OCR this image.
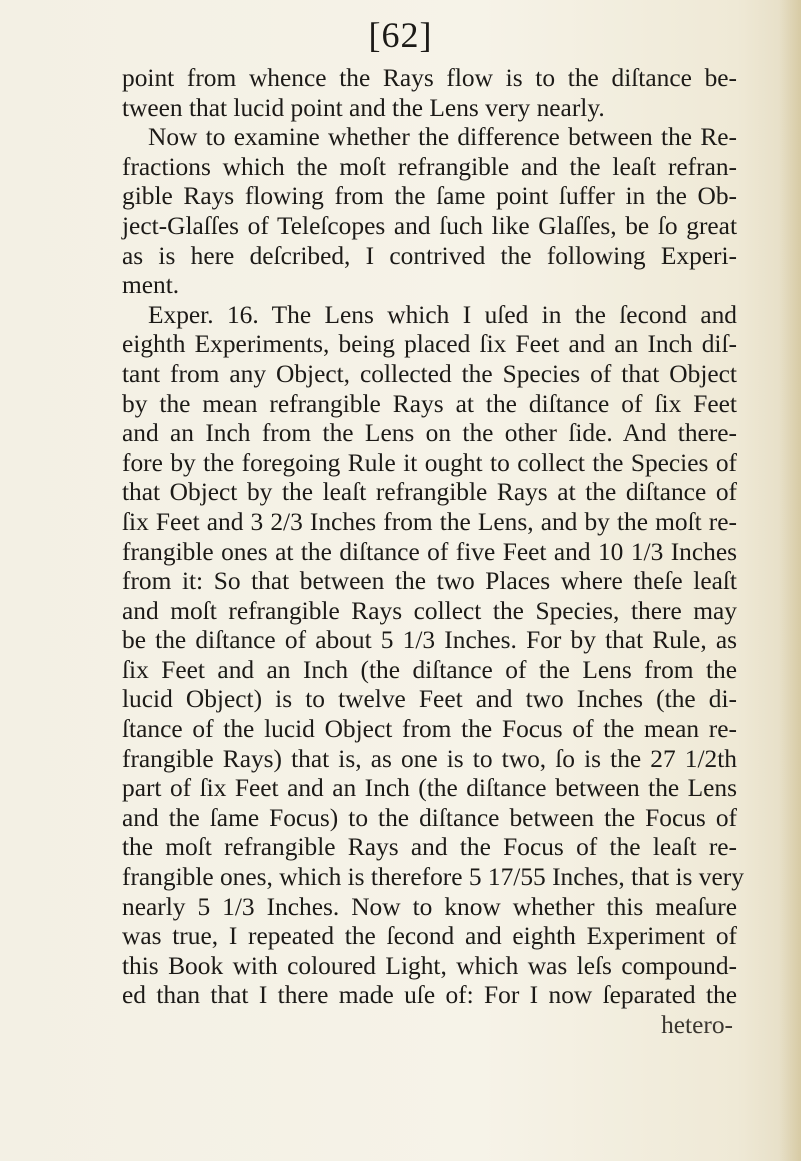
[62]
point from whence the Rays flow is to the diſtance be-
tween that lucid point and the Lens very nearly.
Now to examine whether the difference between the Re-
fractions which the moſt refrangible and the leaſt refran-
gible Rays flowing from the ſame point ſuffer in the Ob-
ject-Glaſſes of Teleſcopes and ſuch like Glaſſes, be ſo great
as is here deſcribed, I contrived the following Experi-
ment.
Exper. 16. The Lens which I uſed in the ſecond and
eighth Experiments, being placed ſix Feet and an Inch diſ-
tant from any Object, collected the Species of that Object
by the mean refrangible Rays at the diſtance of ſix Feet
and an Inch from the Lens on the other ſide. And there-
fore by the foregoing Rule it ought to collect the Species of
that Object by the leaſt refrangible Rays at the diſtance of
ſix Feet and 3 2/3 Inches from the Lens, and by the moſt re-
frangible ones at the diſtance of five Feet and 10 1/3 Inches
from it: So that between the two Places where theſe leaſt
and moſt refrangible Rays collect the Species, there may
be the diſtance of about 5 1/3 Inches. For by that Rule, as
ſix Feet and an Inch (the diſtance of the Lens from the
lucid Object) is to twelve Feet and two Inches (the di-
ſtance of the lucid Object from the Focus of the mean re-
frangible Rays) that is, as one is to two, ſo is the 27 1/2th
part of ſix Feet and an Inch (the diſtance between the Lens
and the ſame Focus) to the diſtance between the Focus of
the moſt refrangible Rays and the Focus of the leaſt re-
frangible ones, which is therefore 5 17/55 Inches, that is very
nearly 5 1/3 Inches. Now to know whether this meaſure
was true, I repeated the ſecond and eighth Experiment of
this Book with coloured Light, which was leſs compound-
ed than that I there made uſe of: For I now ſeparated the
hetero-
